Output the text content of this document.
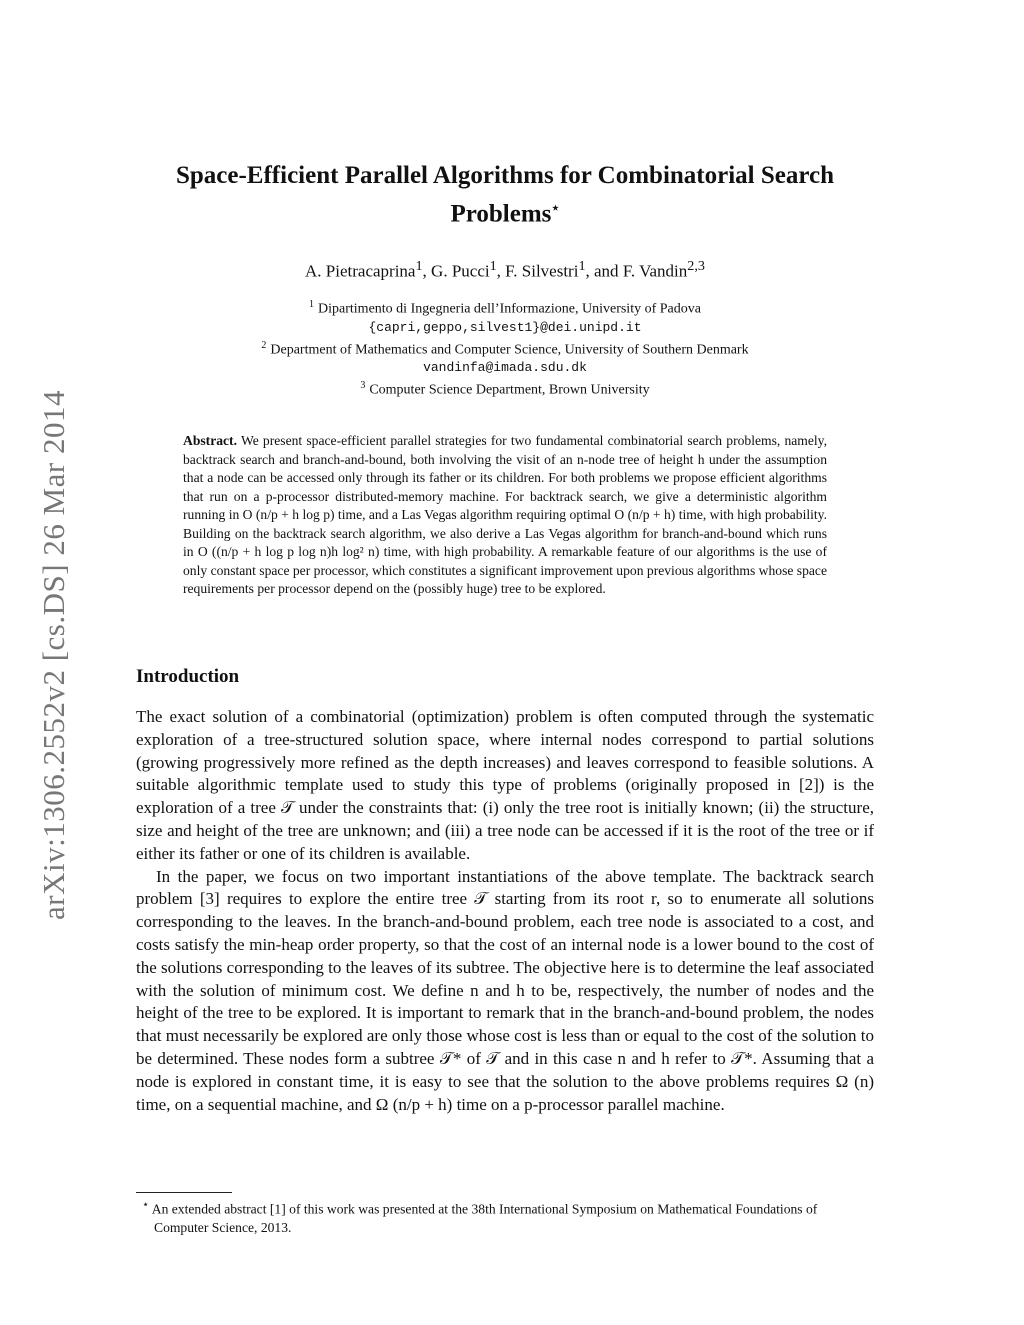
arXiv:1306.2552v2 [cs.DS] 26 Mar 2014
Space-Efficient Parallel Algorithms for Combinatorial Search
Problems⋆
A. Pietracaprina$^1$, G. Pucci$^1$, F. Silvestri$^1$, and F. Vandin$^{2,3}$
$^1$ Dipartimento di Ingegneria dell’Informazione, University of Padova
{capri,geppo,silvest1}@dei.unipd.it
$^2$ Department of Mathematics and Computer Science, University of Southern Denmark
vandinfa@imada.sdu.dk
$^3$ Computer Science Department, Brown University
Abstract. We present space-efficient parallel strategies for two fundamental combinatorial search problems, namely, backtrack search and branch-and-bound, both involving the visit of an n-node tree of height h under the assumption that a node can be accessed only through its father or its children. For both problems we propose efficient algorithms that run on a p-processor distributed-memory machine. For backtrack search, we give a deterministic algorithm running in O (n/p + h log p) time, and a Las Vegas algorithm requiring optimal O (n/p + h) time, with high probability. Building on the backtrack search algorithm, we also derive a Las Vegas algorithm for branch-and-bound which runs in O ((n/p + h log p log n)h log² n) time, with high probability. A remarkable feature of our algorithms is the use of only constant space per processor, which constitutes a significant improvement upon previous algorithms whose space requirements per processor depend on the (possibly huge) tree to be explored.
Introduction

The exact solution of a combinatorial (optimization) problem is often computed through the systematic exploration of a tree-structured solution space, where internal nodes correspond to partial solutions (growing progressively more refined as the depth increases) and leaves correspond to feasible solutions. A suitable algorithmic template used to study this type of problems (originally proposed in [2]) is the exploration of a tree 𝒯 under the constraints that: (i) only the tree root is initially known; (ii) the structure, size and height of the tree are unknown; and (iii) a tree node can be accessed if it is the root of the tree or if either its father or one of its children is available.

In the paper, we focus on two important instantiations of the above template. The backtrack search problem [3] requires to explore the entire tree 𝒯 starting from its root r, so to enumerate all solutions corresponding to the leaves. In the branch-and-bound problem, each tree node is associated to a cost, and costs satisfy the min-heap order property, so that the cost of an internal node is a lower bound to the cost of the solutions corresponding to the leaves of its subtree. The objective here is to determine the leaf associated with the solution of minimum cost. We define n and h to be, respectively, the number of nodes and the height of the tree to be explored. It is important to remark that in the branch-and-bound problem, the nodes that must necessarily be explored are only those whose cost is less than or equal to the cost of the solution to be determined. These nodes form a subtree 𝒯* of 𝒯 and in this case n and h refer to 𝒯*. Assuming that a node is explored in constant time, it is easy to see that the solution to the above problems requires Ω (n) time, on a sequential machine, and Ω (n/p + h) time on a p-processor parallel machine.

⋆ An extended abstract [1] of this work was presented at the 38th International Symposium on Mathematical Foundations of Computer Science, 2013.
